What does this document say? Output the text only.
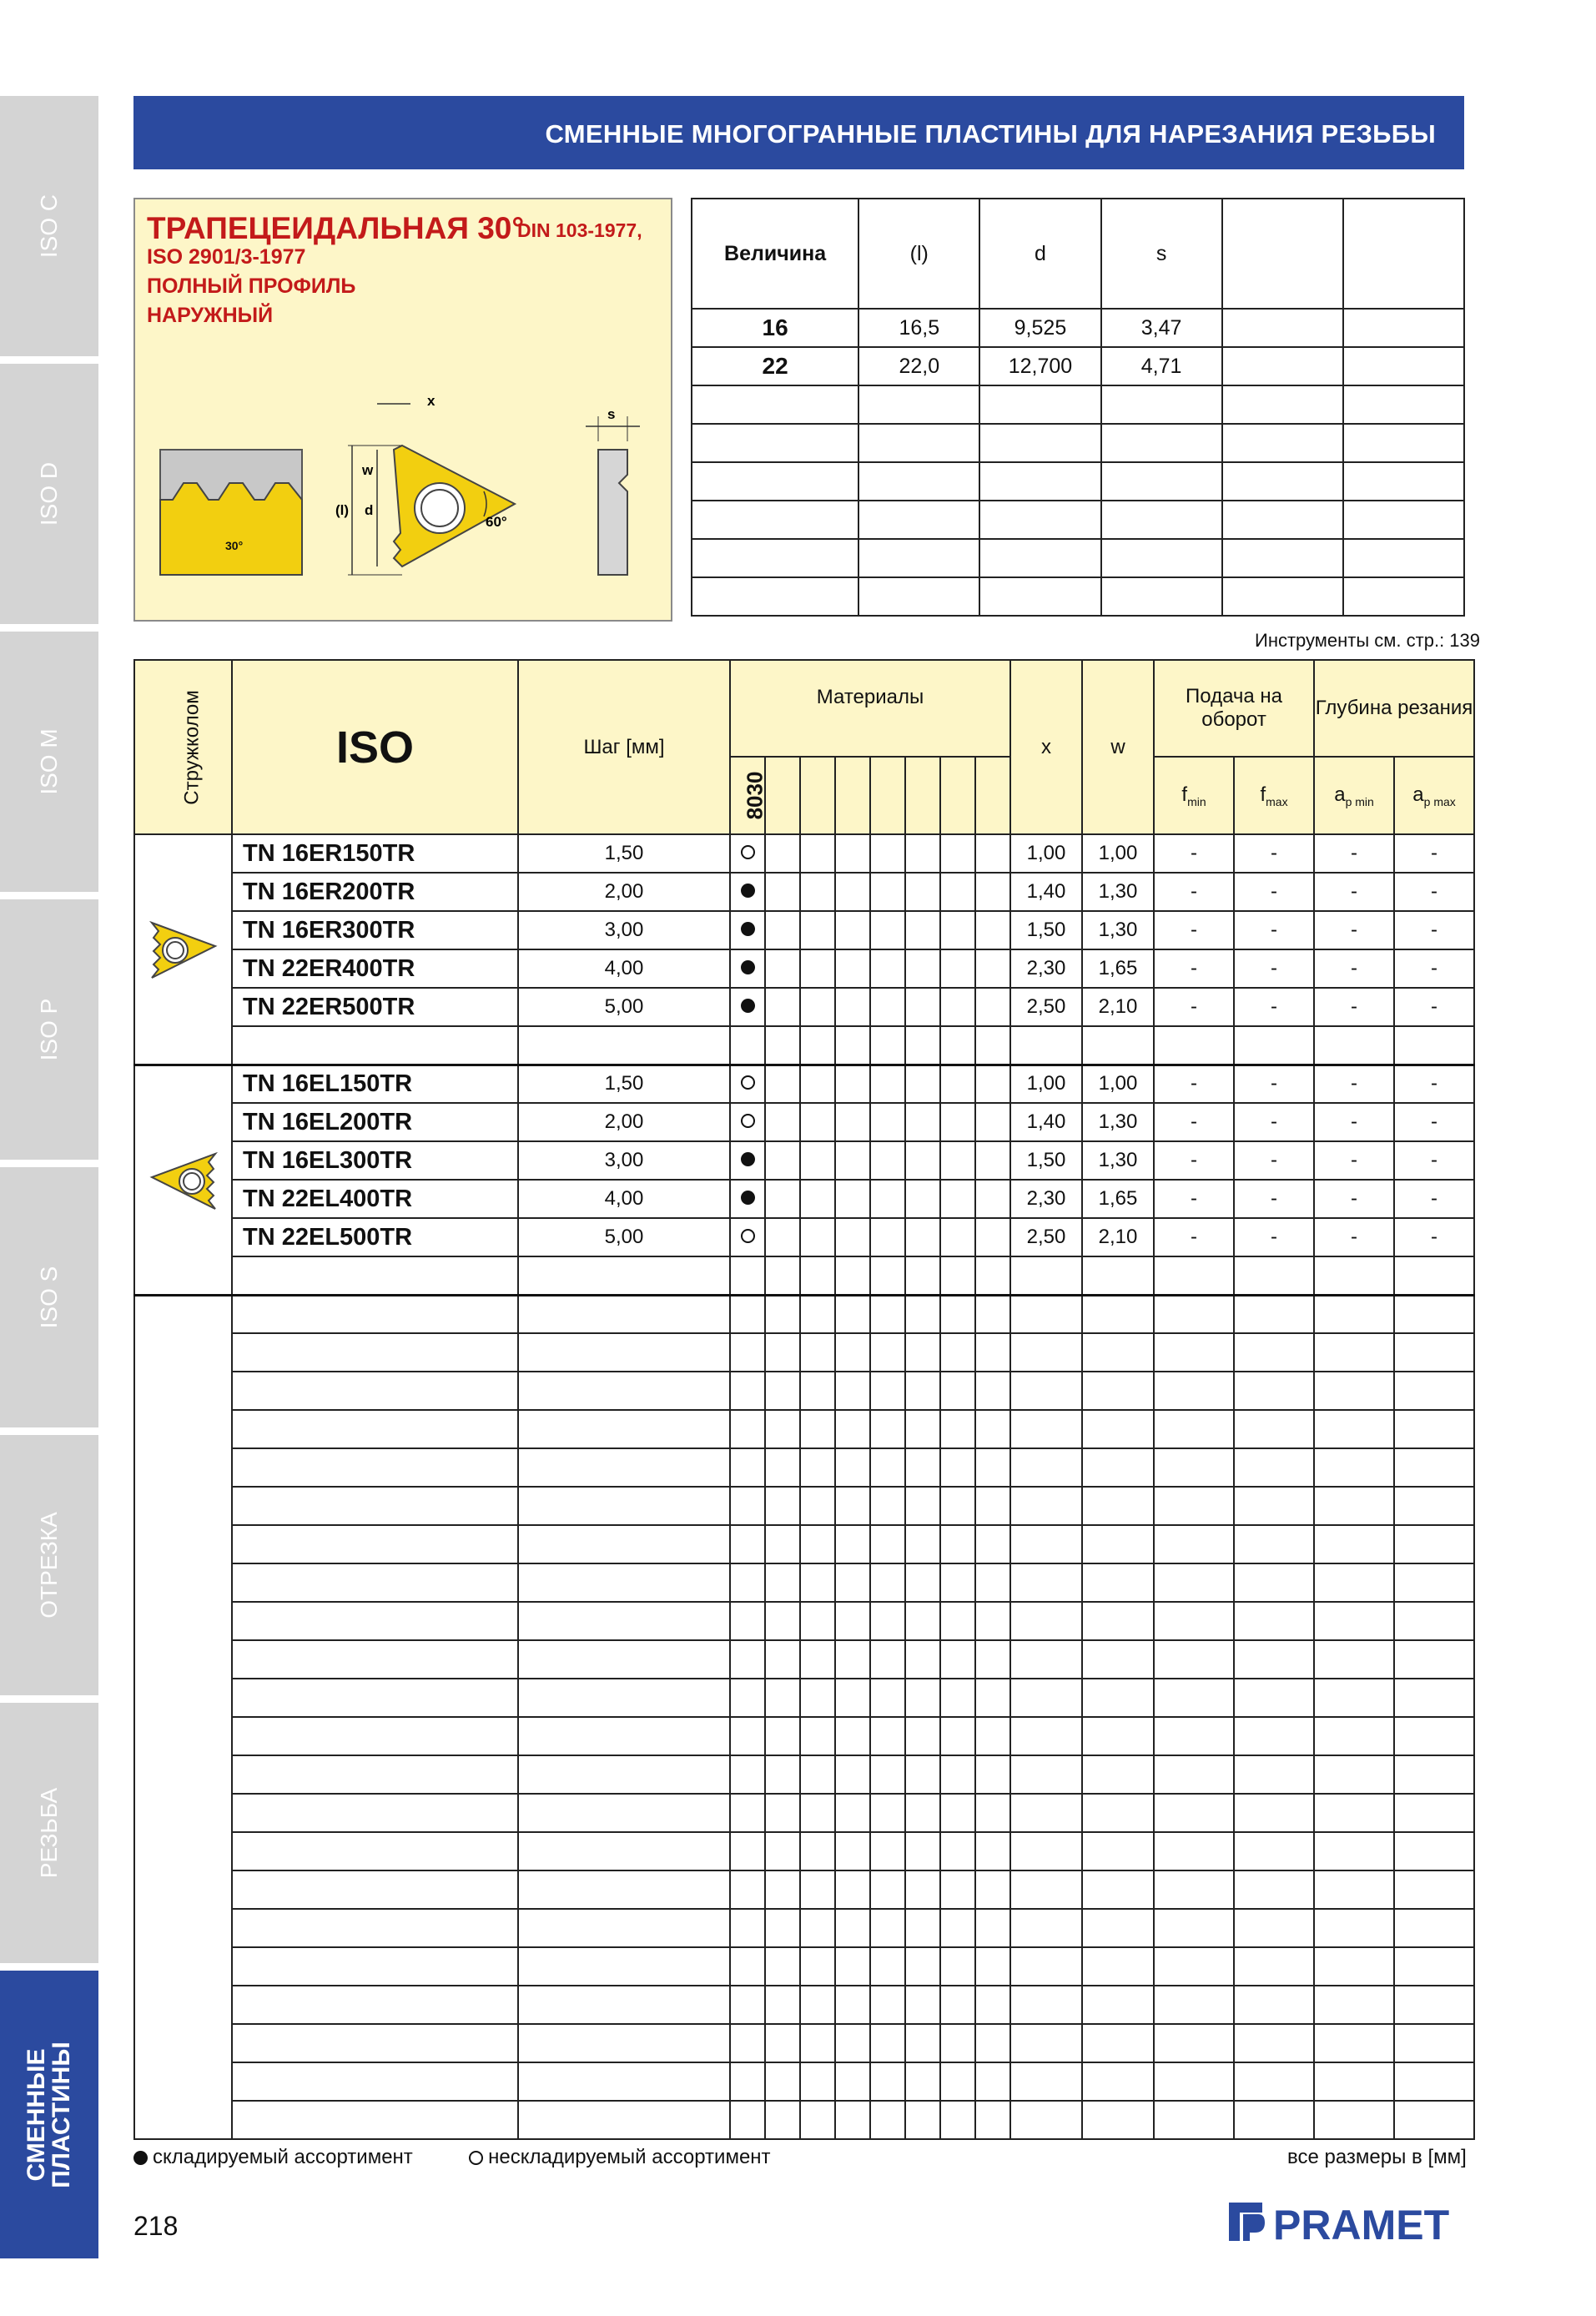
ISO C
ISO D
ISO M
ISO P
ISO S
ОТРЕЗКА
РЕЗЬБА
СМЕННЫЕ
ПЛАСТИНЫ
СМЕННЫЕ МНОГОГРАННЫЕ ПЛАСТИНЫ ДЛЯ НАРЕЗАНИЯ РЕЗЬБЫ
ТРАПЕЦЕИДАЛЬНАЯ 30°
DIN 103-1977,
ISO 2901/3-1977
ПОЛНЫЙ ПРОФИЛЬ
НАРУЖНЫЙ
30°
(l) d
w
x
60°
s
Величина	(l)	d	s		
16	16,5	9,525	3,47		
22	22,0	12,700	4,71		

Инструменты см. стр.: 139
Стружколом	ISO	Шаг [мм]	Материалы								x	w	Подача на оборот		Глубина резания	
			8030										$f_{min}$	$f_{max}$	$a_{p min}$	$a_{p max}$
	TN 16ER150TR	1,50									1,00	1,00	-	-	-	-
	TN 16ER200TR	2,00									1,40	1,30	-	-	-	-
	TN 16ER300TR	3,00									1,50	1,30	-	-	-	-
	TN 22ER400TR	4,00									2,30	1,65	-	-	-	-
	TN 22ER500TR	5,00									2,50	2,10	-	-	-	-

	TN 16EL150TR	1,50									1,00	1,00	-	-	-	-
	TN 16EL200TR	2,00									1,40	1,30	-	-	-	-
	TN 16EL300TR	3,00									1,50	1,30	-	-	-	-
	TN 22EL400TR	4,00									2,30	1,65	-	-	-	-
	TN 22EL500TR	5,00									2,50	2,10	-	-	-	-

складируемый ассортимент	нескладируемый ассортимент	все размеры в [мм]
218	PRAMET
